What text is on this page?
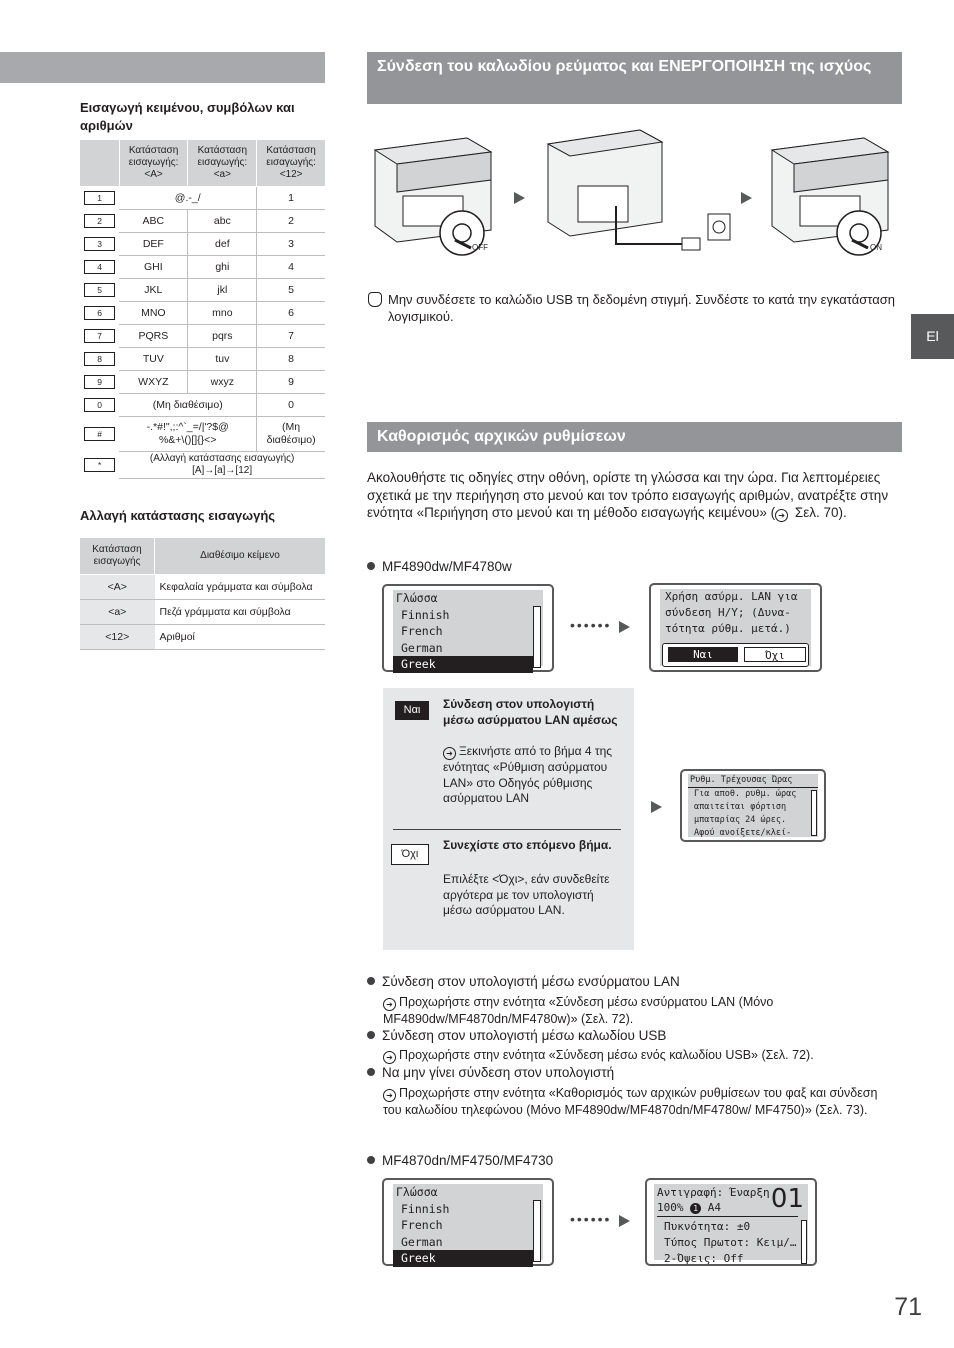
Εισαγωγή κειμένου, συμβόλων και αριθμών
	Κατάσταση εισαγωγής: <A>	Κατάσταση εισαγωγής: <a>	Κατάσταση εισαγωγής: <12>
1	@.-_/		1
2	ABC	abc	2
3	DEF	def	3
4	GHI	ghi	4
5	JKL	jkl	5
6	MNO	mno	6
7	PQRS	pqrs	7
8	TUV	tuv	8
9	WXYZ	wxyz	9
0	(Μη διαθέσιμο)		0
#	-.*#!",;:^`_=/|'?$@ %&+\()[]{}<>		(Μη διαθέσιμο)
*	(Αλλαγή κατάστασης εισαγωγής) [A]→[a]→[12]		
Αλλαγή κατάστασης εισαγωγής
Κατάσταση εισαγωγής	Διαθέσιμο κείμενο
<A>	Κεφαλαία γράμματα και σύμβολα
<a>	Πεζά γράμματα και σύμβολα
<12>	Αριθμοί
Σύνδεση του καλωδίου ρεύματος και ΕΝΕΡΓΟΠΟΙΗΣΗ της ισχύος
OFF	ON
Μην συνδέσετε το καλώδιο USB τη δεδομένη στιγμή. Συνδέστε το κατά την εγκατάσταση λογισμικού.
El
Καθορισμός αρχικών ρυθμίσεων
Ακολουθήστε τις οδηγίες στην οθόνη, ορίστε τη γλώσσα και την ώρα. Για λεπτομέρειες σχετικά με την περιήγηση στο μενού και τον τρόπο εισαγωγής αριθμών, ανατρέξτε στην ενότητα «Περιήγηση στο μενού και τη μέθοδο εισαγωγής κειμένου» ( ➔ Σελ. 70).
MF4890dw/MF4780w
Γλώσσα
Finnish
French
German
Greek
••••••
Χρήση ασύρμ. LAN για
σύνδεση Η/Υ; (Δυνα-
τότητα ρύθμ. μετά.)
Ναι	Όχι
Ναι	Σύνδεση στον υπολογιστή μέσω ασύρματου LAN αμέσως
➔ Ξεκινήστε από το βήμα 4 της ενότητας «Ρύθμιση ασύρματου LAN» στο Οδηγός ρύθμισης ασύρματου LAN
Όχι
Συνεχίστε στο επόμενο βήμα.
Επιλέξτε <Όχι>, εάν συνδεθείτε αργότερα με τον υπολογιστή μέσω ασύρματου LAN.
Ρυθμ. Τρέχουσας Ώρας
Για αποθ. ρυθμ. ώρας
απαιτείται φόρτιση
μπαταρίας 24 ώρες.
Αφού ανοίξετε/κλεί-
Σύνδεση στον υπολογιστή μέσω ενσύρματου LAN
➔ Προχωρήστε στην ενότητα «Σύνδεση μέσω ενσύρματου LAN (Μόνο MF4890dw/MF4870dn/MF4780w)» (Σελ. 72).
Σύνδεση στον υπολογιστή μέσω καλωδίου USB
➔ Προχωρήστε στην ενότητα «Σύνδεση μέσω ενός καλωδίου USB» (Σελ. 72).
Να μην γίνει σύνδεση στον υπολογιστή
➔ Προχωρήστε στην ενότητα «Καθορισμός των αρχικών ρυθμίσεων του φαξ και σύνδεση του καλωδίου τηλεφώνου (Μόνο MF4890dw/MF4870dn/MF4780w/ MF4750)» (Σελ. 73).
MF4870dn/MF4750/MF4730
Γλώσσα
Finnish
French
German
Greek
••••••
Αντιγραφή: Έναρξη 01
100% 1 A4
Πυκνότητα: ±0
Τύπος Πρωτοτ: Κειμ/…
2-Όψεις: Off
71
